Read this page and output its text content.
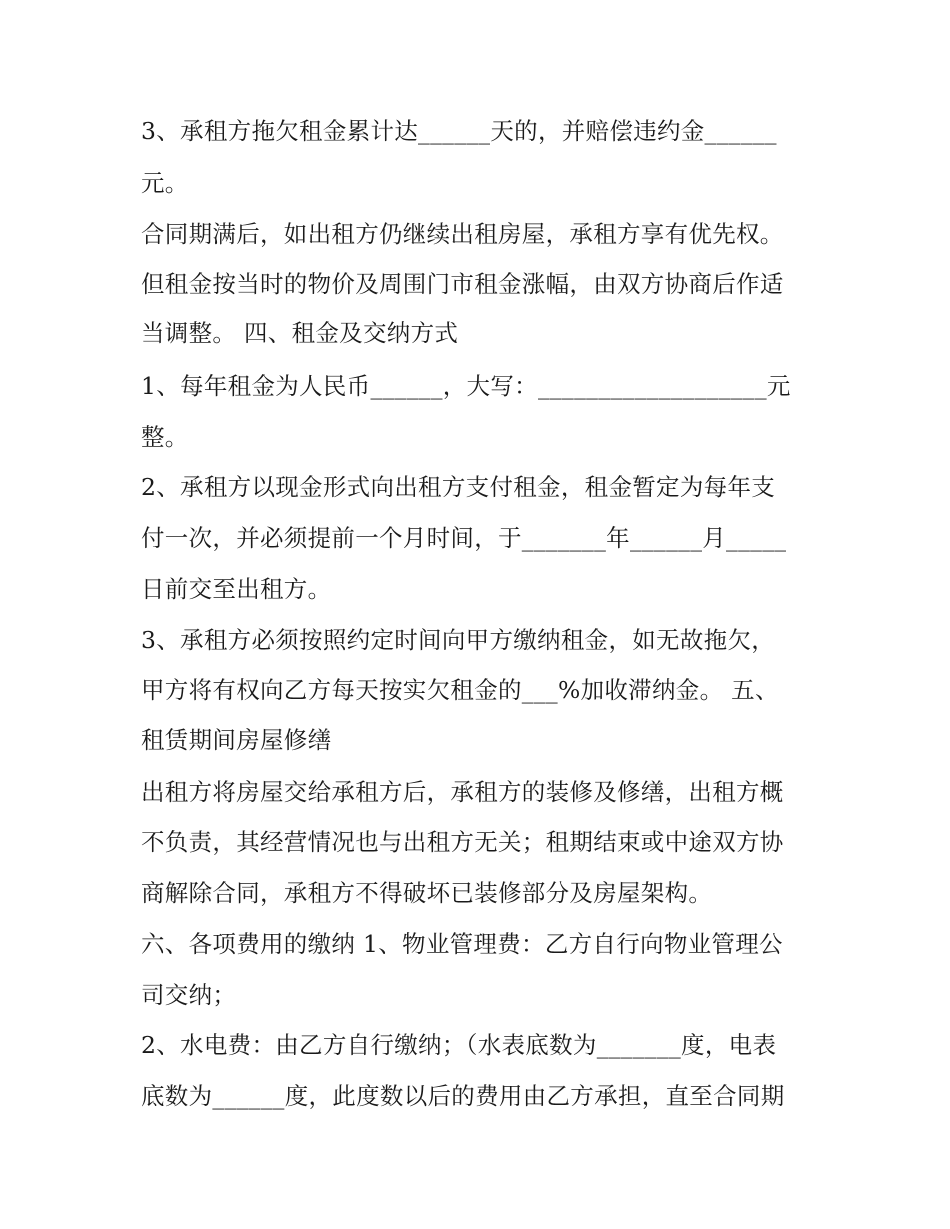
3、承租方拖欠租金累计达______天的，并赔偿违约金______
元。
合同期满后，如出租方仍继续出租房屋，承租方享有优先权。
但租金按当时的物价及周围门市租金涨幅，由双方协商后作适
当调整。 四、租金及交纳方式
1、每年租金为人民币______，大写：___________________元
整。
2、承租方以现金形式向出租方支付租金，租金暂定为每年支
付一次，并必须提前一个月时间，于_______年______月_____
日前交至出租方。
3、承租方必须按照约定时间向甲方缴纳租金，如无故拖欠，
甲方将有权向乙方每天按实欠租金的___%加收滞纳金。 五、
租赁期间房屋修缮
出租方将房屋交给承租方后，承租方的装修及修缮，出租方概
不负责，其经营情况也与出租方无关；租期结束或中途双方协
商解除合同，承租方不得破坏已装修部分及房屋架构。
六、各项费用的缴纳 1、物业管理费：乙方自行向物业管理公
司交纳；
2、水电费：由乙方自行缴纳；（水表底数为_______度，电表
底数为______度，此度数以后的费用由乙方承担，直至合同期
